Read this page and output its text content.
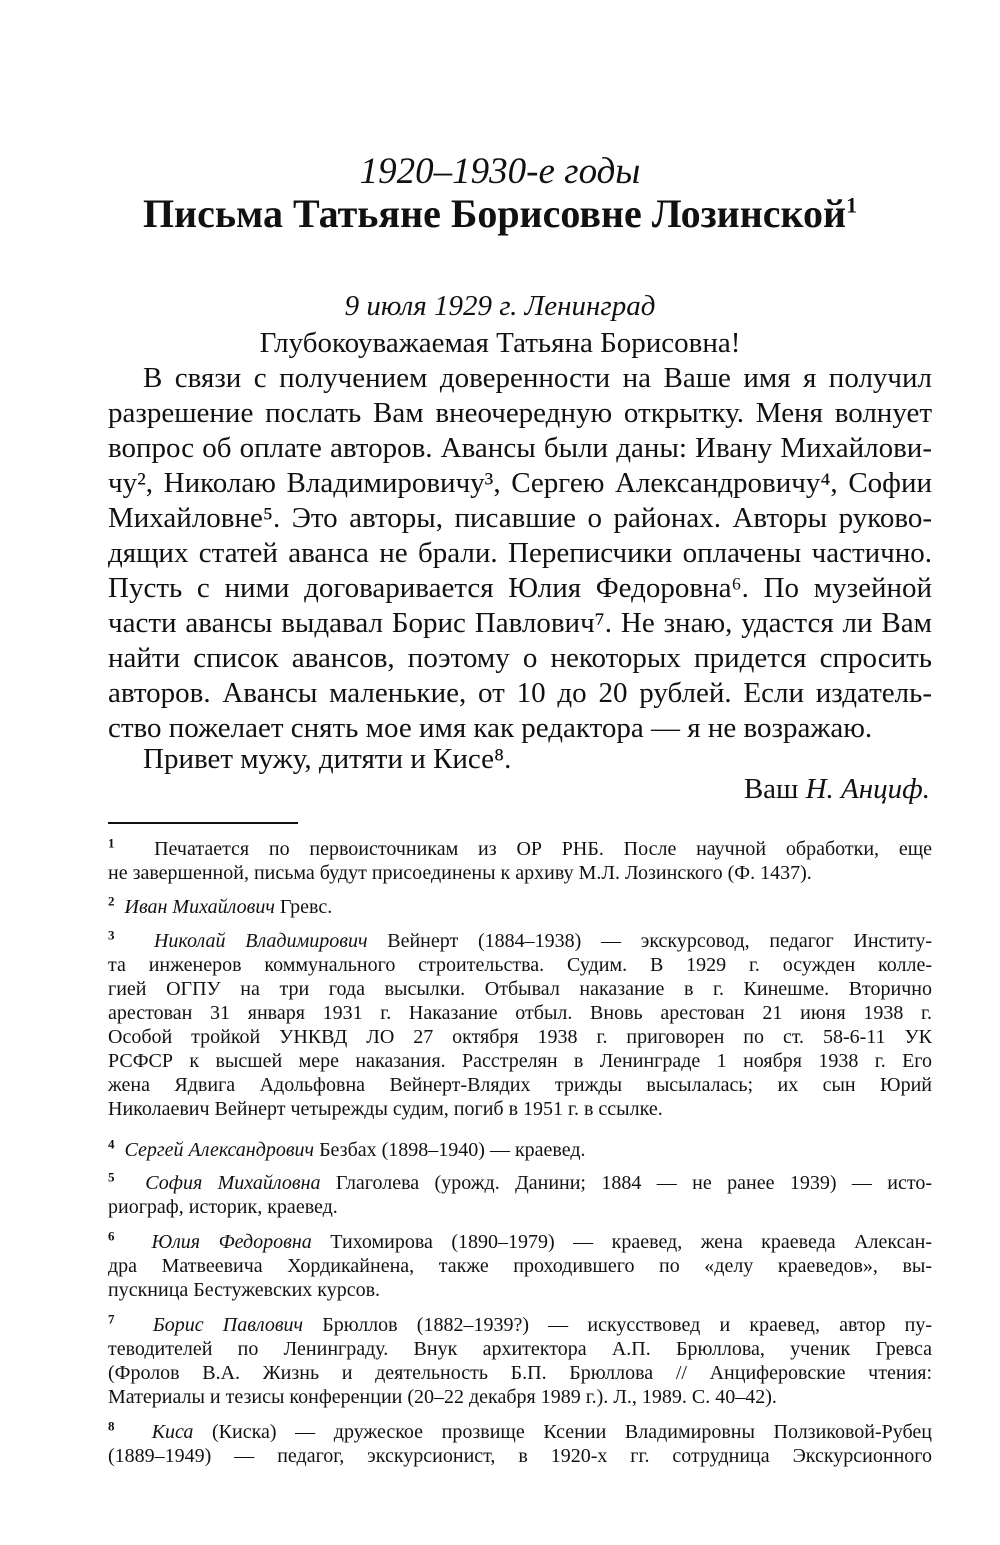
1920–1930-е годы
Письма Татьяне Борисовне Лозинской$^1$
9 июля 1929 г. Ленинград
Глубокоуважаемая Татьяна Борисовна!
В связи с получением доверенности на Ваше имя я получил
разрешение послать Вам внеочередную открытку. Меня волнует
вопрос об оплате авторов. Авансы были даны: Ивану Михайлови-
чу², Николаю Владимировичу³, Сергею Александровичу⁴, Софии
Михайловне⁵. Это авторы, писавшие о районах. Авторы руково-
дящих статей аванса не брали. Переписчики оплачены частично.
Пусть с ними договаривается Юлия Федоровна⁶. По музейной
части авансы выдавал Борис Павлович⁷. Не знаю, удастся ли Вам
найти список авансов, поэтому о некоторых придется спросить
авторов. Авансы маленькие, от 10 до 20 рублей. Если издатель-
ство пожелает снять мое имя как редактора — я не возражаю.
Привет мужу, дитяти и Кисе⁸.
Ваш Н. Анциф.
$^1$ Печатается по первоисточникам из ОР РНБ. После научной обработки, еще
не завершенной, письма будут присоединены к архиву М.Л. Лозинского (Ф. 1437).
$^2$ Иван Михайлович Гревс.
$^3$ Николай Владимирович Вейнерт (1884–1938) — экскурсовод, педагог Институ-
та инженеров коммунального строительства. Судим. В 1929 г. осужден колле-
гией ОГПУ на три года высылки. Отбывал наказание в г. Кинешме. Вторично
арестован 31 января 1931 г. Наказание отбыл. Вновь арестован 21 июня 1938 г.
Особой тройкой УНКВД ЛО 27 октября 1938 г. приговорен по ст. 58-6-11 УК
РСФСР к высшей мере наказания. Расстрелян в Ленинграде 1 ноября 1938 г. Его
жена Ядвига Адольфовна Вейнерт-Влядих трижды высылалась; их сын Юрий
Николаевич Вейнерт четырежды судим, погиб в 1951 г. в ссылке.
$^4$ Сергей Александрович Безбах (1898–1940) — краевед.
$^5$ София Михайловна Глаголева (урожд. Данини; 1884 — не ранее 1939) — исто-
риограф, историк, краевед.
$^6$ Юлия Федоровна Тихомирова (1890–1979) — краевед, жена краеведа Алексан-
дра Матвеевича Хордикайнена, также проходившего по «делу краеведов», вы-
пускница Бестужевских курсов.
$^7$ Борис Павлович Брюллов (1882–1939?) — искусствовед и краевед, автор пу-
теводителей по Ленинграду. Внук архитектора А.П. Брюллова, ученик Гревса
(Фролов В.А. Жизнь и деятельность Б.П. Брюллова // Анциферовские чтения:
Материалы и тезисы конференции (20–22 декабря 1989 г.). Л., 1989. С. 40–42).
$^8$ Киса (Киска) — дружеское прозвище Ксении Владимировны Ползиковой-Рубец
(1889–1949) — педагог, экскурсионист, в 1920-х гг. сотрудница Экскурсионного
